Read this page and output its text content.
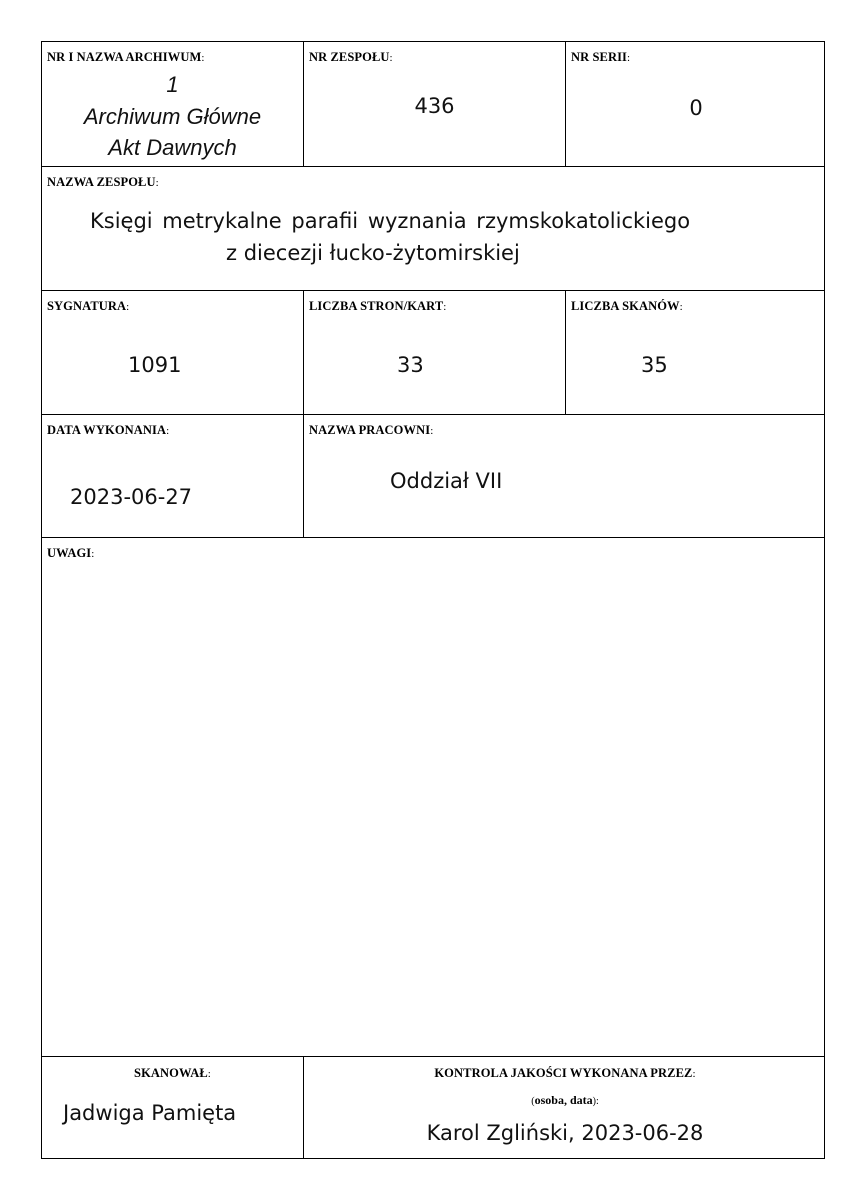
NR I NAZWA ARCHIWUM:
1
Archiwum Główne
Akt Dawnych
NR ZESPOŁU:
436
NR SERII:
0
NAZWA ZESPOŁU:
Księgi metrykalne parafii wyznania rzymskokatolickiego
z diecezji łucko-żytomirskiej
SYGNATURA:
1091
LICZBA STRON/KART:
33
LICZBA SKANÓW:
35
DATA WYKONANIA:
2023-06-27
NAZWA PRACOWNI:
Oddział VII
UWAGI:
SKANOWAŁ:
Jadwiga Pamięta
KONTROLA JAKOŚCI WYKONANA PRZEZ:
(osoba, data):
Karol Zgliński, 2023-06-28
